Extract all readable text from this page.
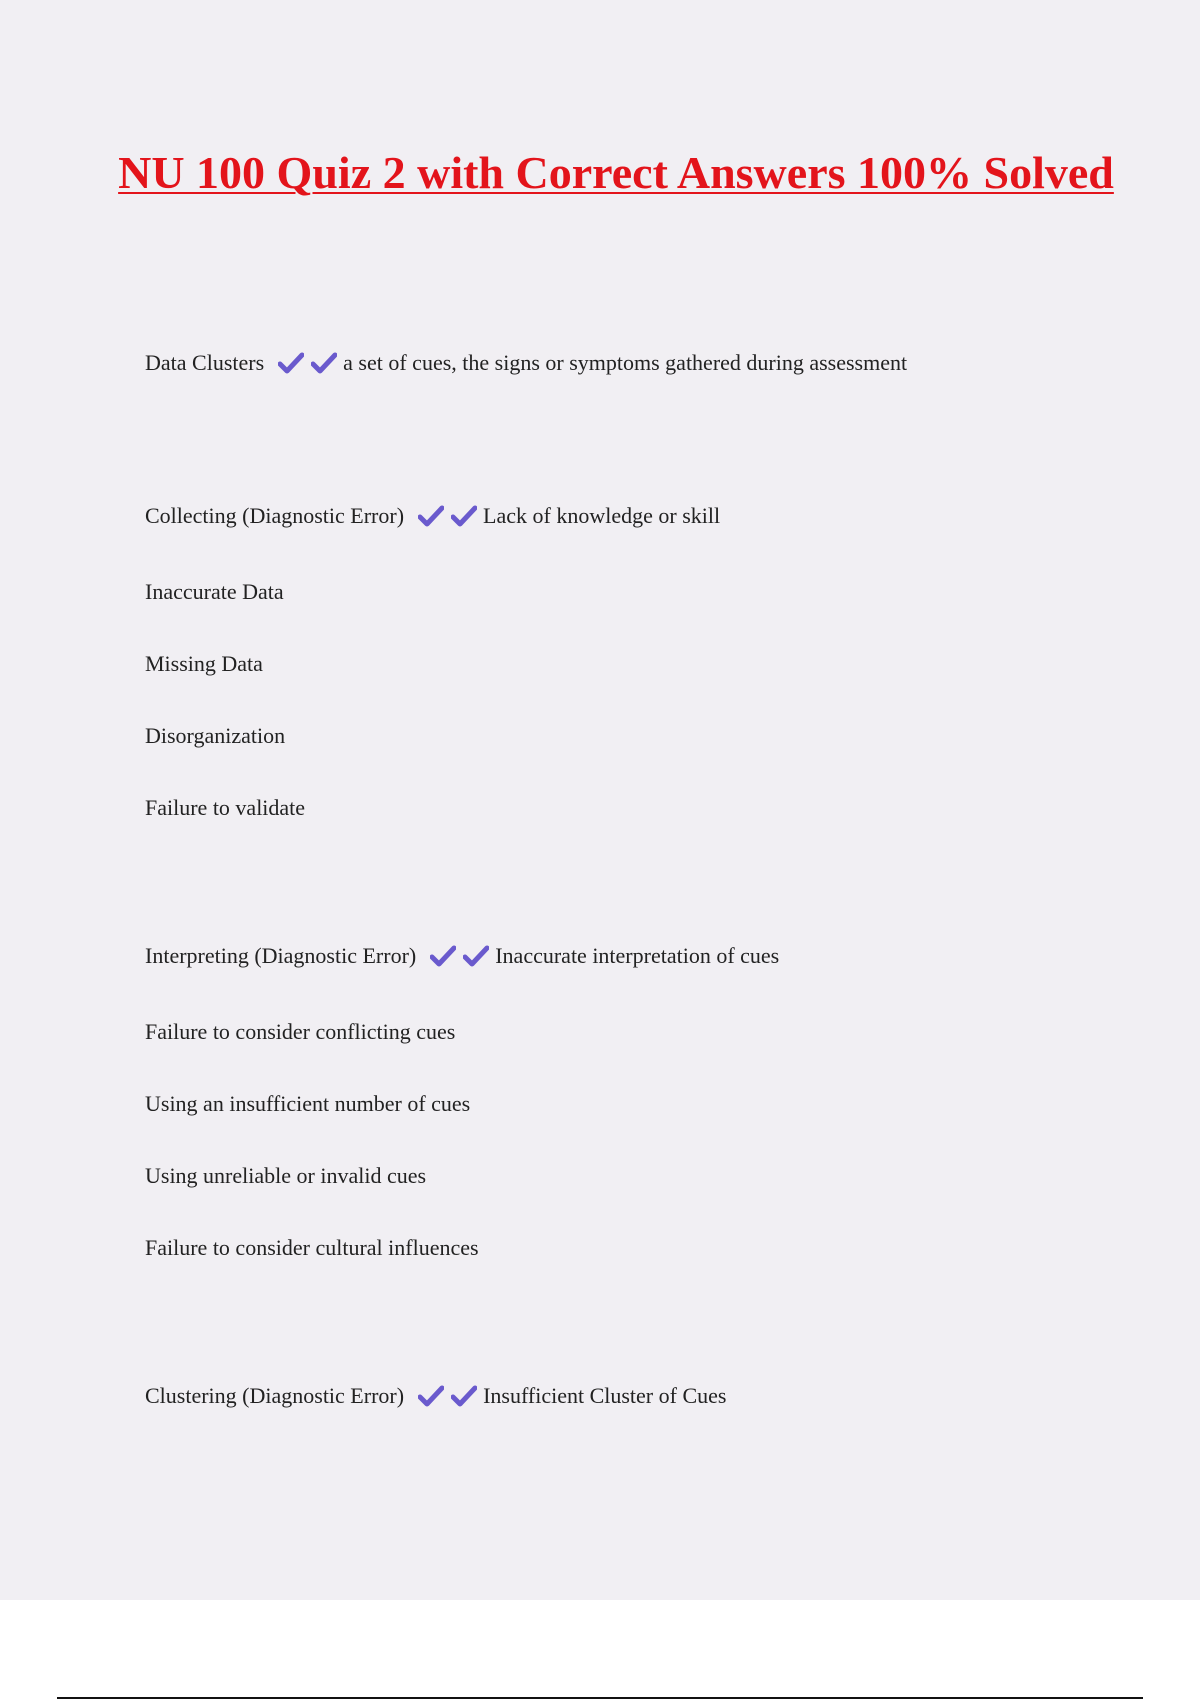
NU 100 Quiz 2 with Correct Answers 100% Solved

Data Clusters	a set of cues, the signs or symptoms gathered during assessment

Collecting (Diagnostic Error)	Lack of knowledge or skill

Inaccurate Data

Missing Data

Disorganization

Failure to validate

Interpreting (Diagnostic Error)	Inaccurate interpretation of cues

Failure to consider conflicting cues

Using an insufficient number of cues

Using unreliable or invalid cues

Failure to consider cultural influences

Clustering (Diagnostic Error)	Insufficient Cluster of Cues
